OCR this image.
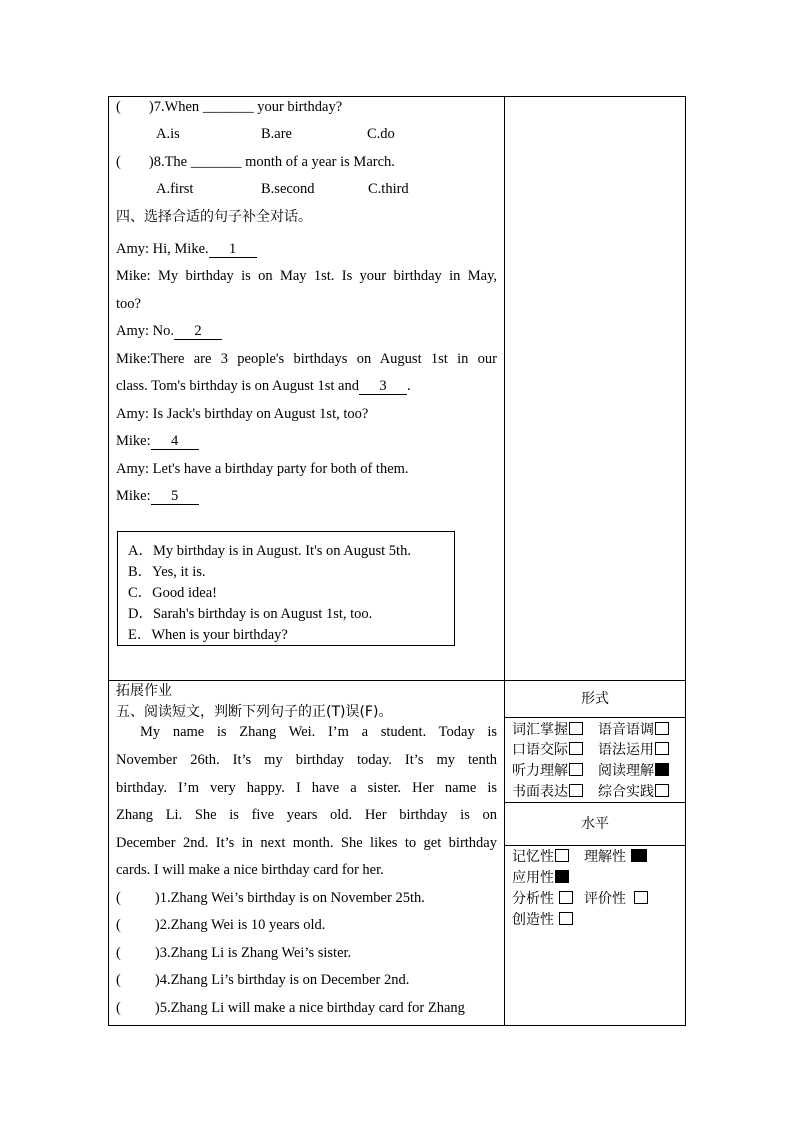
( )7.When _______ your birthday?
A.is	B.are	C.do
( )8.The _______ month of a year is March.
A.first	B.second	C.third
四、选择合适的句子补全对话。
Amy: Hi, Mike. 1
Mike: My birthday is on May 1st. Is your birthday in May,
too?
Amy: No. 2
Mike:There are 3 people's birthdays on August 1st in our
class. Tom's birthday is on August 1st and 3 .
Amy: Is Jack's birthday on August 1st, too?
Mike: 4
Amy: Let's have a birthday party for both of them.
Mike: 5
A．My birthday is in August. It's on August 5th.
B．Yes, it is.
C．Good idea!
D．Sarah's birthday is on August 1st, too.
E．When is your birthday?
拓展作业
五、阅读短文，判断下列句子的正(T)误(F)。
My name is Zhang Wei. I’m a student. Today is
November 26th. It’s my birthday today. It’s my tenth
birthday. I’m very happy. I have a sister. Her name is
Zhang Li. She is five years old. Her birthday is on
December 2nd. It’s in next month. She likes to get birthday
cards. I will make a nice birthday card for her.
( )1.Zhang Wei’s birthday is on November 25th.
( )2.Zhang Wei is 10 years old.
( )3.Zhang Li is Zhang Wei’s sister.
( )4.Zhang Li’s birthday is on December 2nd.
( )5.Zhang Li will make a nice birthday card for Zhang
形式
词汇掌握	语音语调
口语交际	语法运用
听力理解	阅读理解
书面表达	综合实践
水平
记忆性	理解性
应用性
分析性	评价性
创造性
